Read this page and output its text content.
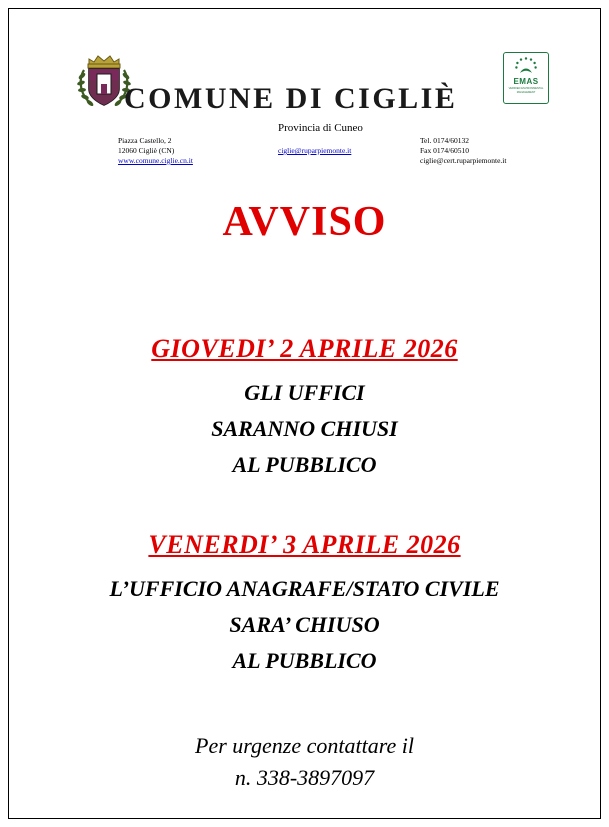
COMUNE DI CIGLIÈ
Provincia di Cuneo
Piazza Castello, 2
12060 Cigliè (CN)
www.comune.ciglie.cn.it
ciglie@ruparpiemonte.it
Tel. 0174/60132
Fax 0174/60510
ciglie@cert.ruparpiemonte.it
EMAS
VERIFIED ENVIRONMENTAL MANAGEMENT
AVVISO
GIOVEDI’ 2 APRILE 2026
GLI UFFICI
SARANNO CHIUSI
AL PUBBLICO
VENERDI’ 3 APRILE 2026
L’UFFICIO ANAGRAFE/STATO CIVILE
SARA’ CHIUSO
AL PUBBLICO
Per urgenze contattare il
n. 338-3897097
